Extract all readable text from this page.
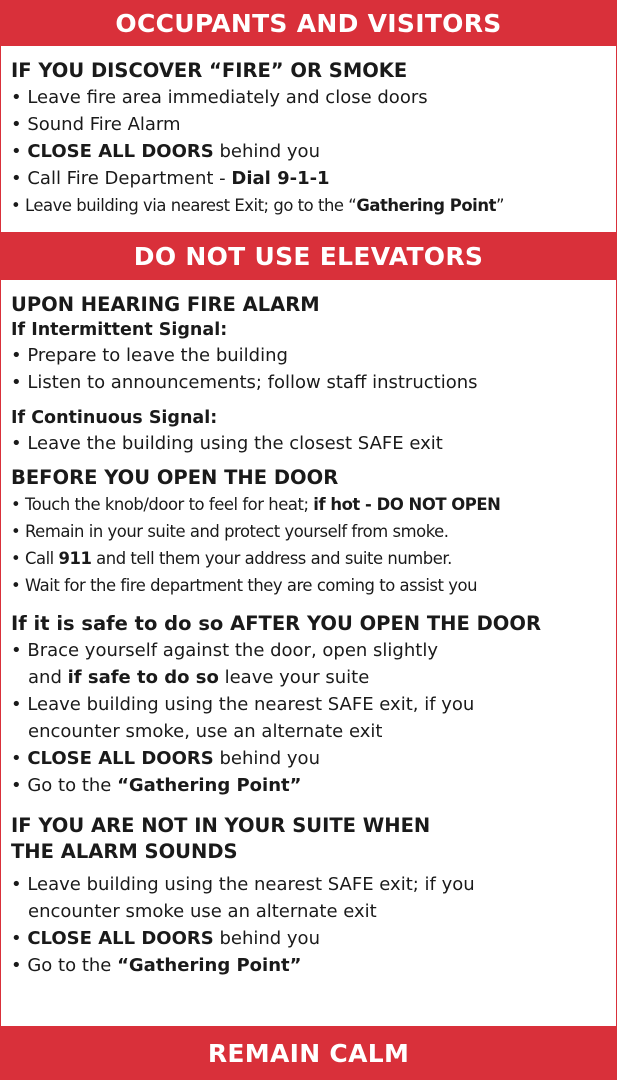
OCCUPANTS AND VISITORS
IF YOU DISCOVER “FIRE” OR SMOKE
• Leave fire area immediately and close doors
• Sound Fire Alarm
• CLOSE ALL DOORS behind you
• Call Fire Department - Dial 9-1-1
• Leave building via nearest Exit; go to the “Gathering Point”
DO NOT USE ELEVATORS
UPON HEARING FIRE ALARM
If Intermittent Signal:
• Prepare to leave the building
• Listen to announcements; follow staff instructions
If Continuous Signal:
• Leave the building using the closest SAFE exit
BEFORE YOU OPEN THE DOOR
• Touch the knob/door to feel for heat; if hot - DO NOT OPEN
• Remain in your suite and protect yourself from smoke.
• Call 911 and tell them your address and suite number.
• Wait for the fire department they are coming to assist you
If it is safe to do so AFTER YOU OPEN THE DOOR
• Brace yourself against the door, open slightly
and if safe to do so leave your suite
• Leave building using the nearest SAFE exit, if you
encounter smoke, use an alternate exit
• CLOSE ALL DOORS behind you
• Go to the “Gathering Point”
IF YOU ARE NOT IN YOUR SUITE WHEN
THE ALARM SOUNDS
• Leave building using the nearest SAFE exit; if you
encounter smoke use an alternate exit
• CLOSE ALL DOORS behind you
• Go to the “Gathering Point”
REMAIN CALM
